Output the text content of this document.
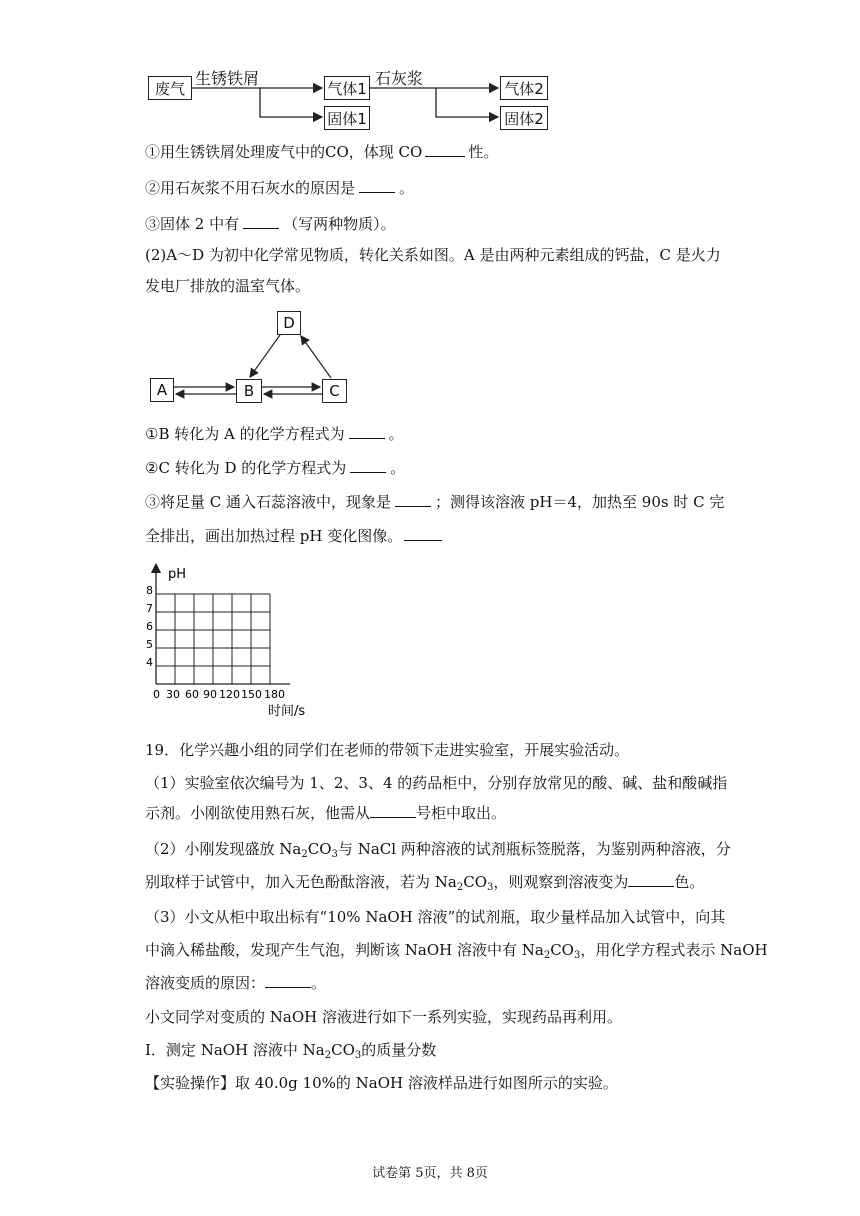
废气
生锈铁屑
气体1
固体1
石灰浆
气体2
固体2
①用生锈铁屑处理废气中的CO，体现 CO	性。
②用石灰浆不用石灰水的原因是	。
③固体 2 中有	（写两种物质）。
(2)A～D 为初中化学常见物质，转化关系如图。A 是由两种元素组成的钙盐，C 是火力
发电厂排放的温室气体。
D
A	B	C
①B 转化为 A 的化学方程式为	。
②C 转化为 D 的化学方程式为	。
③将足量 C 通入石蕊溶液中，现象是	；测得该溶液 pH＝4，加热至 90s 时 C 完
全排出，画出加热过程 pH 变化图像。
pH
8
7
6
5
4
0 30 60 90 120 150 180
时间/s
19．化学兴趣小组的同学们在老师的带领下走进实验室，开展实验活动。
（1）实验室依次编号为 1、2、3、4 的药品柜中，分别存放常见的酸、碱、盐和酸碱指
示剂。小刚欲使用熟石灰，他需从	号柜中取出。
（2）小刚发现盛放 $Na_2CO_3$与 NaCl 两种溶液的试剂瓶标签脱落，为鉴别两种溶液，分
别取样于试管中，加入无色酚酞溶液，若为 $Na_2CO_3$，则观察到溶液变为	色。
（3）小文从柜中取出标有“10% NaOH 溶液”的试剂瓶，取少量样品加入试管中，向其
中滴入稀盐酸，发现产生气泡，判断该 NaOH 溶液中有 $Na_2CO_3$，用化学方程式表示 NaOH
溶液变质的原因：	。
小文同学对变质的 NaOH 溶液进行如下一系列实验，实现药品再利用。
I．测定 NaOH 溶液中 $Na_2CO_3$的质量分数
【实验操作】取 40.0g 10%的 NaOH 溶液样品进行如图所示的实验。
试卷第 5页，共 8页
